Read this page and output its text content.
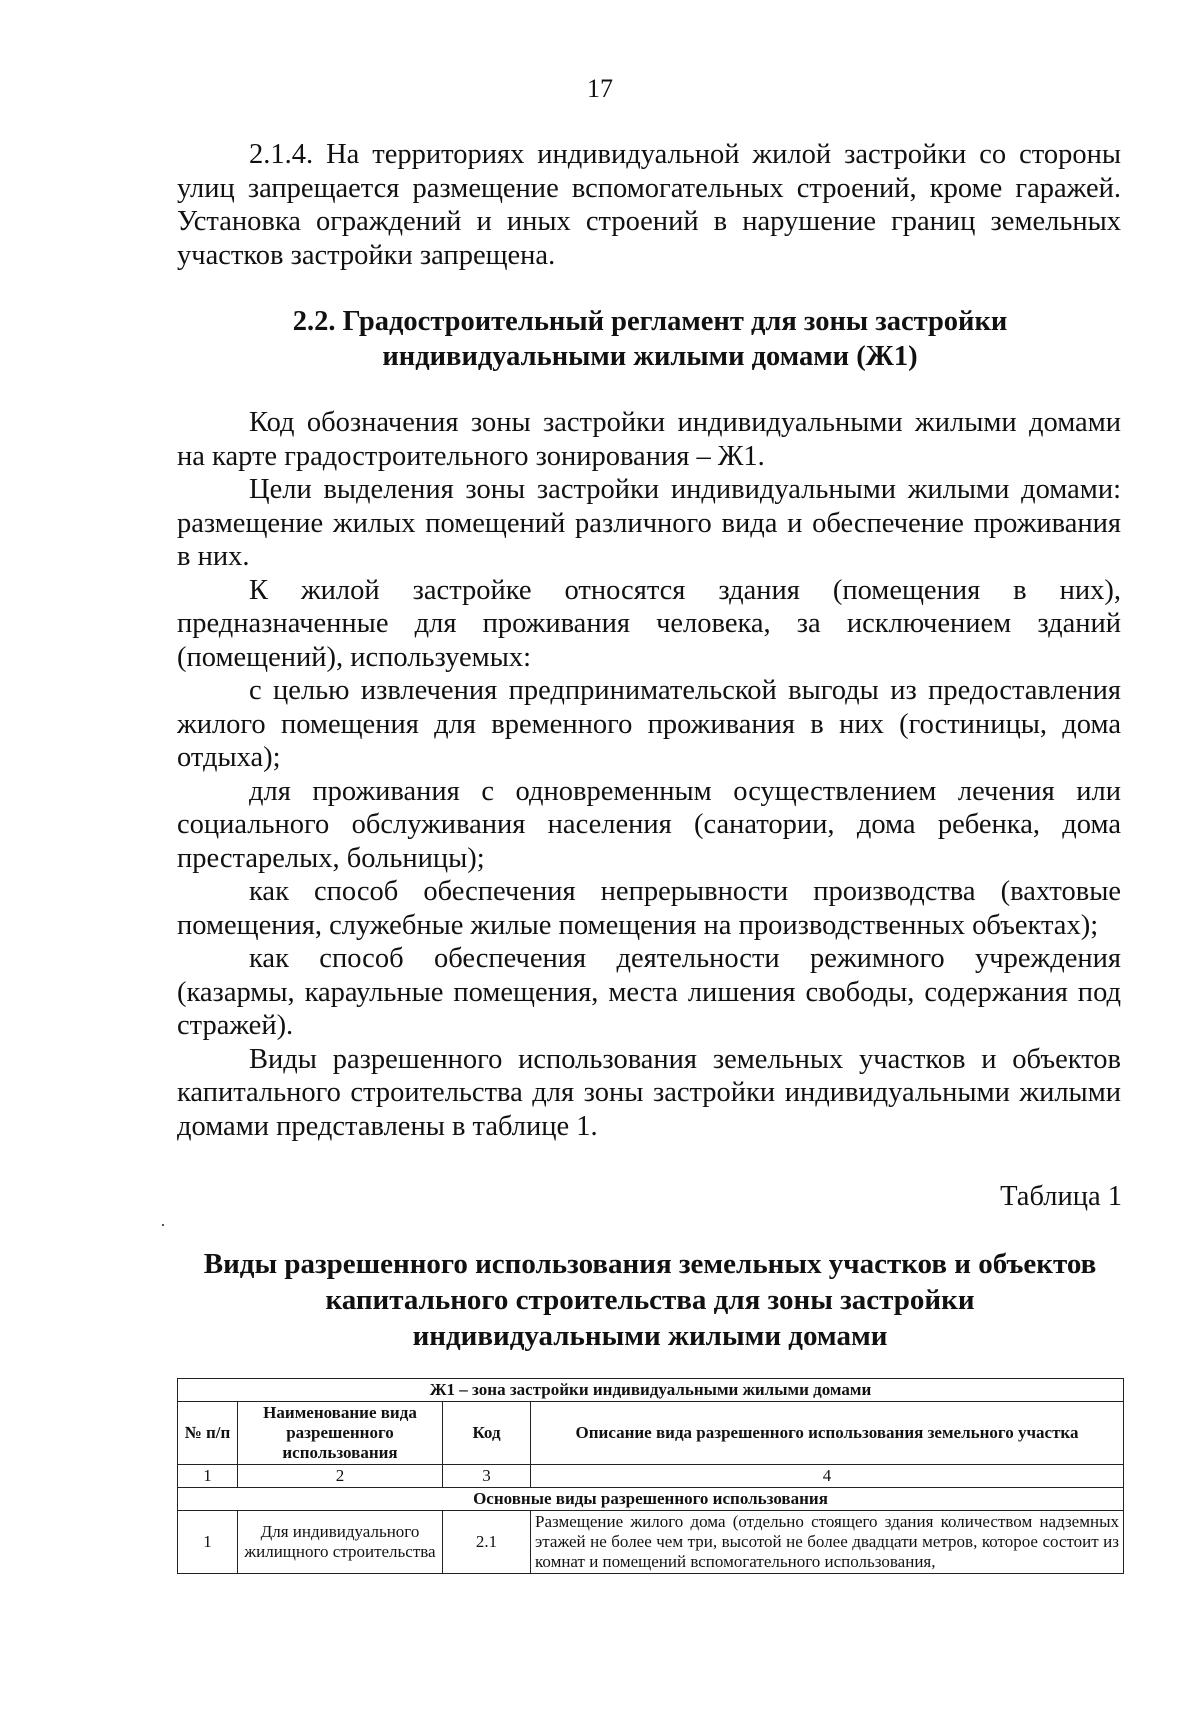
17

2.1.4. На территориях индивидуальной жилой застройки со стороны улиц запрещается размещение вспомогательных строений, кроме гаражей. Установка ограждений и иных строений в нарушение границ земельных участков застройки запрещена.

2.2. Градостроительный регламент для зоны застройки
индивидуальными жилыми домами (Ж1)

Код обозначения зоны застройки индивидуальными жилыми домами на карте градостроительного зонирования – Ж1.

Цели выделения зоны застройки индивидуальными жилыми домами: размещение жилых помещений различного вида и обеспечение проживания в них.

К жилой застройке относятся здания (помещения в них), предназначенные для проживания человека, за исключением зданий (помещений), используемых:

с целью извлечения предпринимательской выгоды из предоставления жилого помещения для временного проживания в них (гостиницы, дома отдыха);

для проживания с одновременным осуществлением лечения или социального обслуживания населения (санатории, дома ребенка, дома престарелых, больницы);

как способ обеспечения непрерывности производства (вахтовые помещения, служебные жилые помещения на производственных объектах);

как способ обеспечения деятельности режимного учреждения (казармы, караульные помещения, места лишения свободы, содержания под стражей).

Виды разрешенного использования земельных участков и объектов капитального строительства для зоны застройки индивидуальными жилыми домами представлены в таблице 1.

Таблица 1
Виды разрешенного использования земельных участков и объектов
капитального строительства для зоны застройки
индивидуальными жилыми домами
Ж1 – зона застройки индивидуальными жилыми домами			
№ п/п	Наименование вида разрешенного использования	Код	Описание вида разрешенного использования земельного участка
1	2	3	4
Основные виды разрешенного использования			
1	Для индивидуального жилищного строительства	2.1	Размещение жилого дома (отдельно стоящего здания количеством надземных этажей не более чем три, высотой не более двадцати метров, которое состоит из комнат и помещений вспомогательного использования,
